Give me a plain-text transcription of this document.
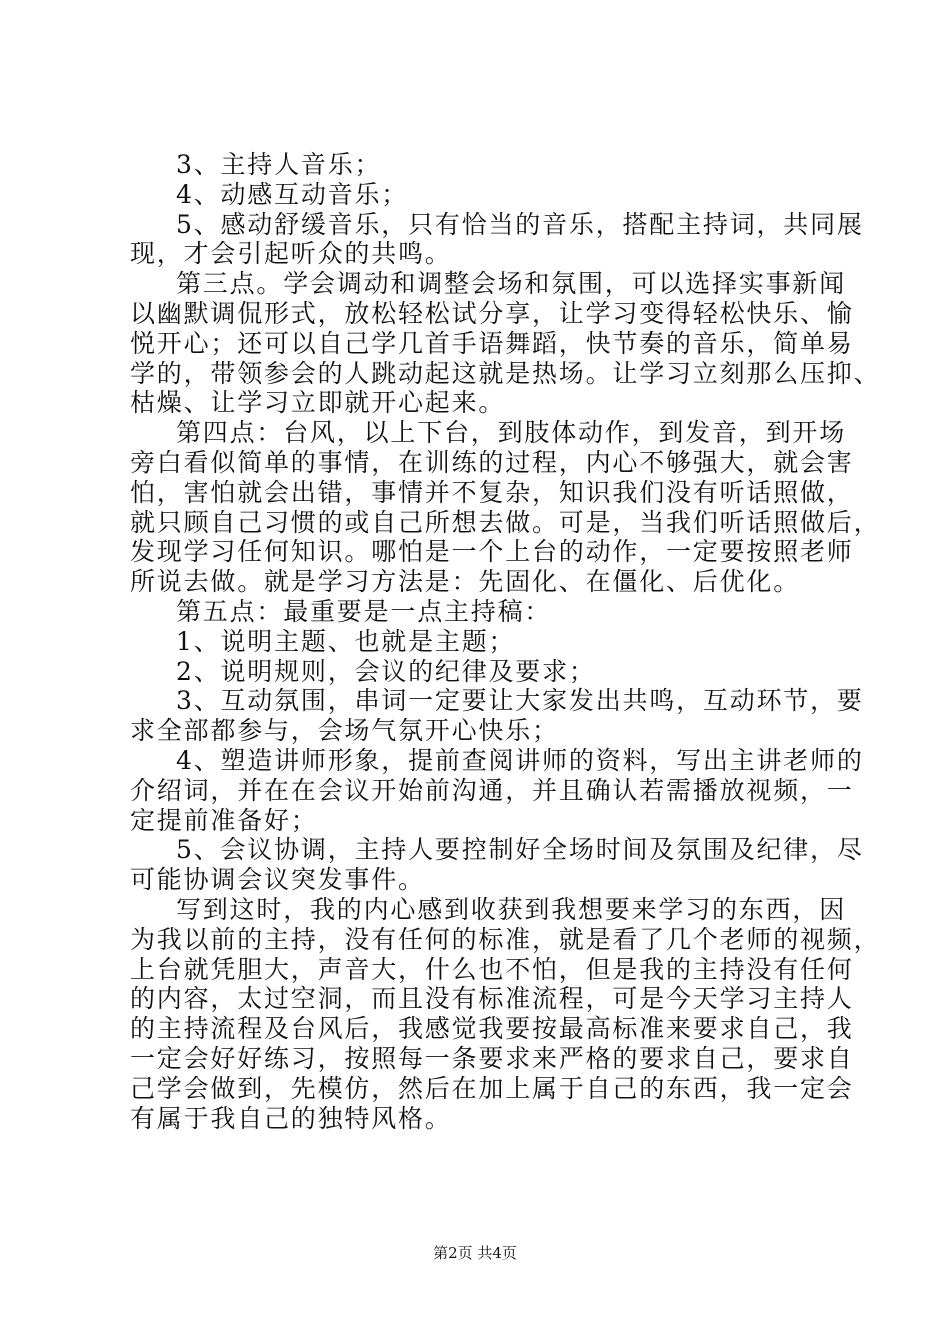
3、主持人音乐；
4、动感互动音乐；
5、感动舒缓音乐，只有恰当的音乐，搭配主持词，共同展
现，才会引起听众的共鸣。
第三点。学会调动和调整会场和氛围，可以选择实事新闻
以幽默调侃形式，放松轻松试分享，让学习变得轻松快乐、愉
悦开心；还可以自己学几首手语舞蹈，快节奏的音乐，简单易
学的，带领参会的人跳动起这就是热场。让学习立刻那么压抑、
枯燥、让学习立即就开心起来。
第四点：台风，以上下台，到肢体动作，到发音，到开场
旁白看似简单的事情，在训练的过程，内心不够强大，就会害
怕，害怕就会出错，事情并不复杂，知识我们没有听话照做，
就只顾自己习惯的或自己所想去做。可是，当我们听话照做后，
发现学习任何知识。哪怕是一个上台的动作，一定要按照老师
所说去做。就是学习方法是：先固化、在僵化、后优化。
第五点：最重要是一点主持稿：
1、说明主题、也就是主题；
2、说明规则，会议的纪律及要求；
3、互动氛围，串词一定要让大家发出共鸣，互动环节，要
求全部都参与，会场气氛开心快乐；
4、塑造讲师形象，提前查阅讲师的资料，写出主讲老师的
介绍词，并在在会议开始前沟通，并且确认若需播放视频，一
定提前准备好；
5、会议协调，主持人要控制好全场时间及氛围及纪律，尽
可能协调会议突发事件。
写到这时，我的内心感到收获到我想要来学习的东西，因
为我以前的主持，没有任何的标准，就是看了几个老师的视频，
上台就凭胆大，声音大，什么也不怕，但是我的主持没有任何
的内容，太过空洞，而且没有标准流程，可是今天学习主持人
的主持流程及台风后，我感觉我要按最高标准来要求自己，我
一定会好好练习，按照每一条要求来严格的要求自己，要求自
己学会做到，先模仿，然后在加上属于自己的东西，我一定会
有属于我自己的独特风格。
第2页 共4页
